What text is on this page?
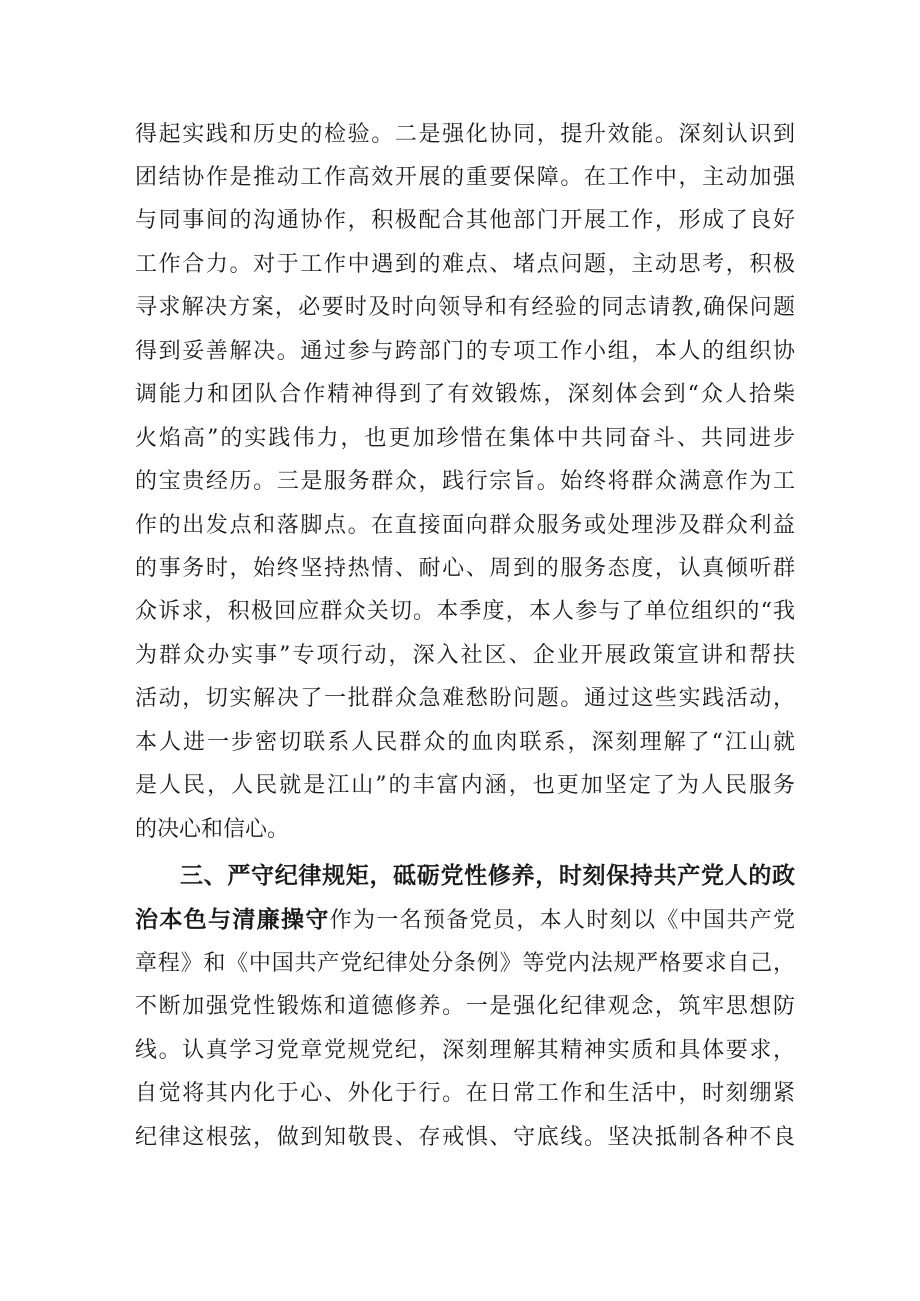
得起实践和历史的检验。二是强化协同，提升效能。深刻认识到
团结协作是推动工作高效开展的重要保障。在工作中，主动加强
与同事间的沟通协作，积极配合其他部门开展工作，形成了良好
工作合力。对于工作中遇到的难点、堵点问题，主动思考，积极
寻求解决方案，必要时及时向领导和有经验的同志请教,确保问题
得到妥善解决。通过参与跨部门的专项工作小组，本人的组织协
调能力和团队合作精神得到了有效锻炼，深刻体会到“众人拾柴
火焰高”的实践伟力，也更加珍惜在集体中共同奋斗、共同进步
的宝贵经历。三是服务群众，践行宗旨。始终将群众满意作为工
作的出发点和落脚点。在直接面向群众服务或处理涉及群众利益
的事务时，始终坚持热情、耐心、周到的服务态度，认真倾听群
众诉求，积极回应群众关切。本季度，本人参与了单位组织的“我
为群众办实事”专项行动，深入社区、企业开展政策宣讲和帮扶
活动，切实解决了一批群众急难愁盼问题。通过这些实践活动，
本人进一步密切联系人民群众的血肉联系，深刻理解了“江山就
是人民，人民就是江山”的丰富内涵，也更加坚定了为人民服务
的决心和信心。
三、严守纪律规矩，砥砺党性修养，时刻保持共产党人的政
治本色与清廉操守作为一名预备党员，本人时刻以《中国共产党
章程》和《中国共产党纪律处分条例》等党内法规严格要求自己，
不断加强党性锻炼和道德修养。一是强化纪律观念，筑牢思想防
线。认真学习党章党规党纪，深刻理解其精神实质和具体要求，
自觉将其内化于心、外化于行。在日常工作和生活中，时刻绷紧
纪律这根弦，做到知敬畏、存戒惧、守底线。坚决抵制各种不良
